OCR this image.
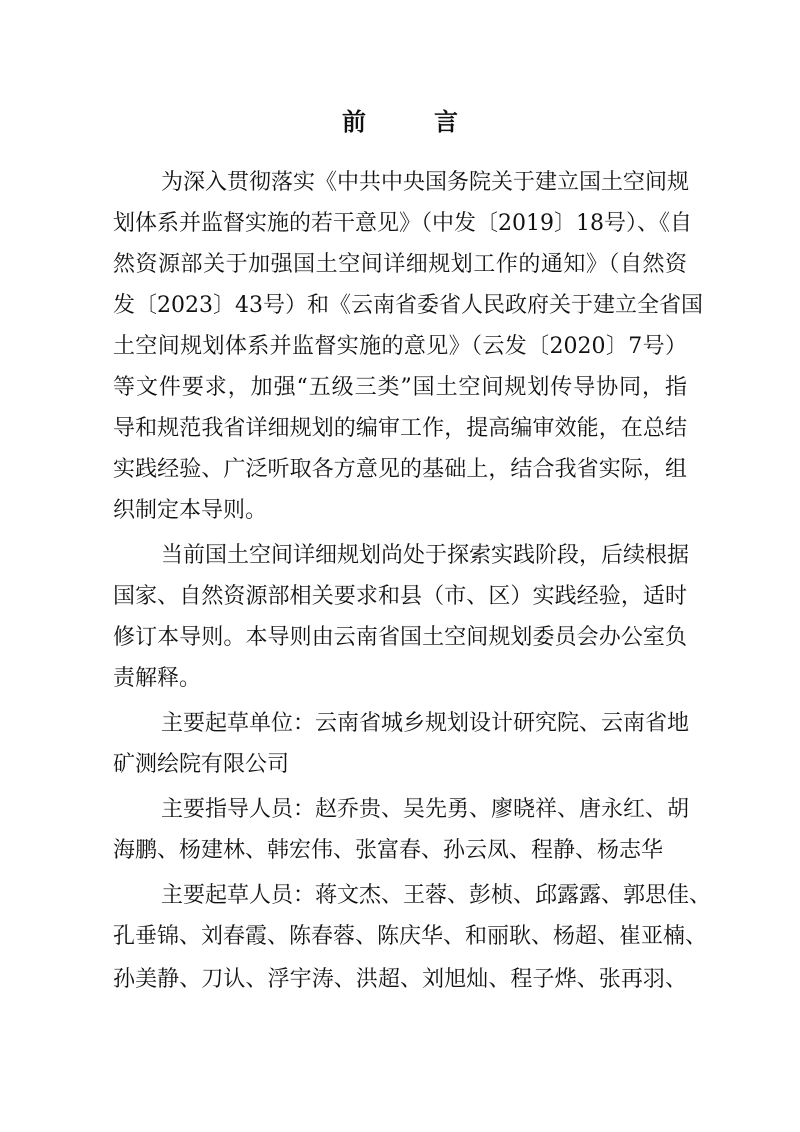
前　言
为深入贯彻落实《中共中央国务院关于建立国土空间规
划体系并监督实施的若干意见》（中发〔2019〕18号）、《自
然资源部关于加强国土空间详细规划工作的通知》（自然资
发〔2023〕43号）和《云南省委省人民政府关于建立全省国
土空间规划体系并监督实施的意见》（云发〔2020〕7号）
等文件要求，加强“五级三类”国土空间规划传导协同，指
导和规范我省详细规划的编审工作，提高编审效能，在总结
实践经验、广泛听取各方意见的基础上，结合我省实际，组
织制定本导则。
当前国土空间详细规划尚处于探索实践阶段，后续根据
国家、自然资源部相关要求和县（市、区）实践经验，适时
修订本导则。本导则由云南省国土空间规划委员会办公室负
责解释。
主要起草单位：云南省城乡规划设计研究院、云南省地
矿测绘院有限公司
主要指导人员：赵乔贵、吴先勇、廖晓祥、唐永红、胡
海鹏、杨建林、韩宏伟、张富春、孙云凤、程静、杨志华
主要起草人员：蒋文杰、王蓉、彭桢、邱露露、郭思佳、
孔垂锦、刘春霞、陈春蓉、陈庆华、和丽耿、杨超、崔亚楠、
孙美静、刀认、浮宇涛、洪超、刘旭灿、程子烨、张再羽、
